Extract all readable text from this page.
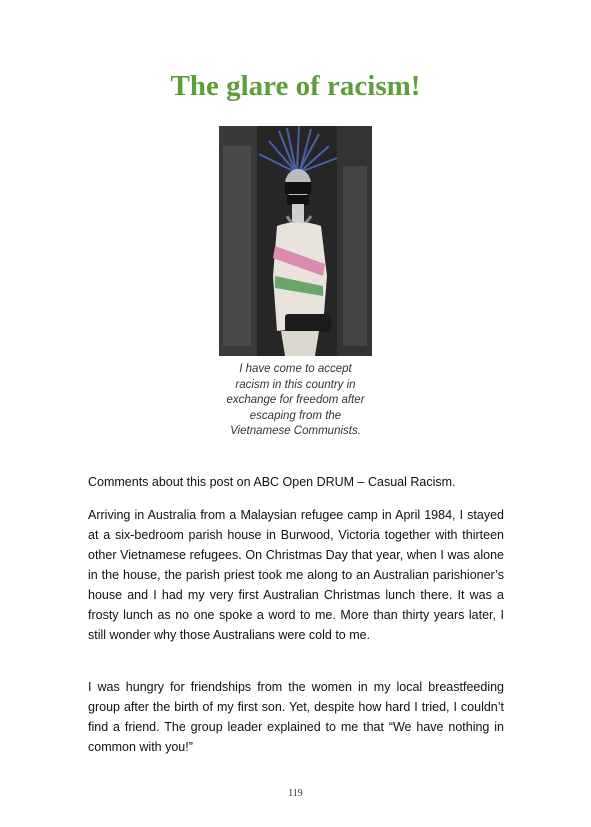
The glare of racism!
I have come to accept
racism in this country in
exchange for freedom after
escaping from the
Vietnamese Communists.

Comments about this post on ABC Open DRUM – Casual Racism.

Arriving in Australia from a Malaysian refugee camp in April 1984, I stayed at a six-bedroom parish house in Burwood, Victoria together with thirteen other Vietnamese refugees. On Christmas Day that year, when I was alone in the house, the parish priest took me along to an Australian parishioner’s house and I had my very first Australian Christmas lunch there. It was a frosty lunch as no one spoke a word to me. More than thirty years later, I still wonder why those Australians were cold to me.

I was hungry for friendships from the women in my local breastfeeding group after the birth of my first son. Yet, despite how hard I tried, I couldn’t find a friend. The group leader explained to me that “We have nothing in common with you!”

119
